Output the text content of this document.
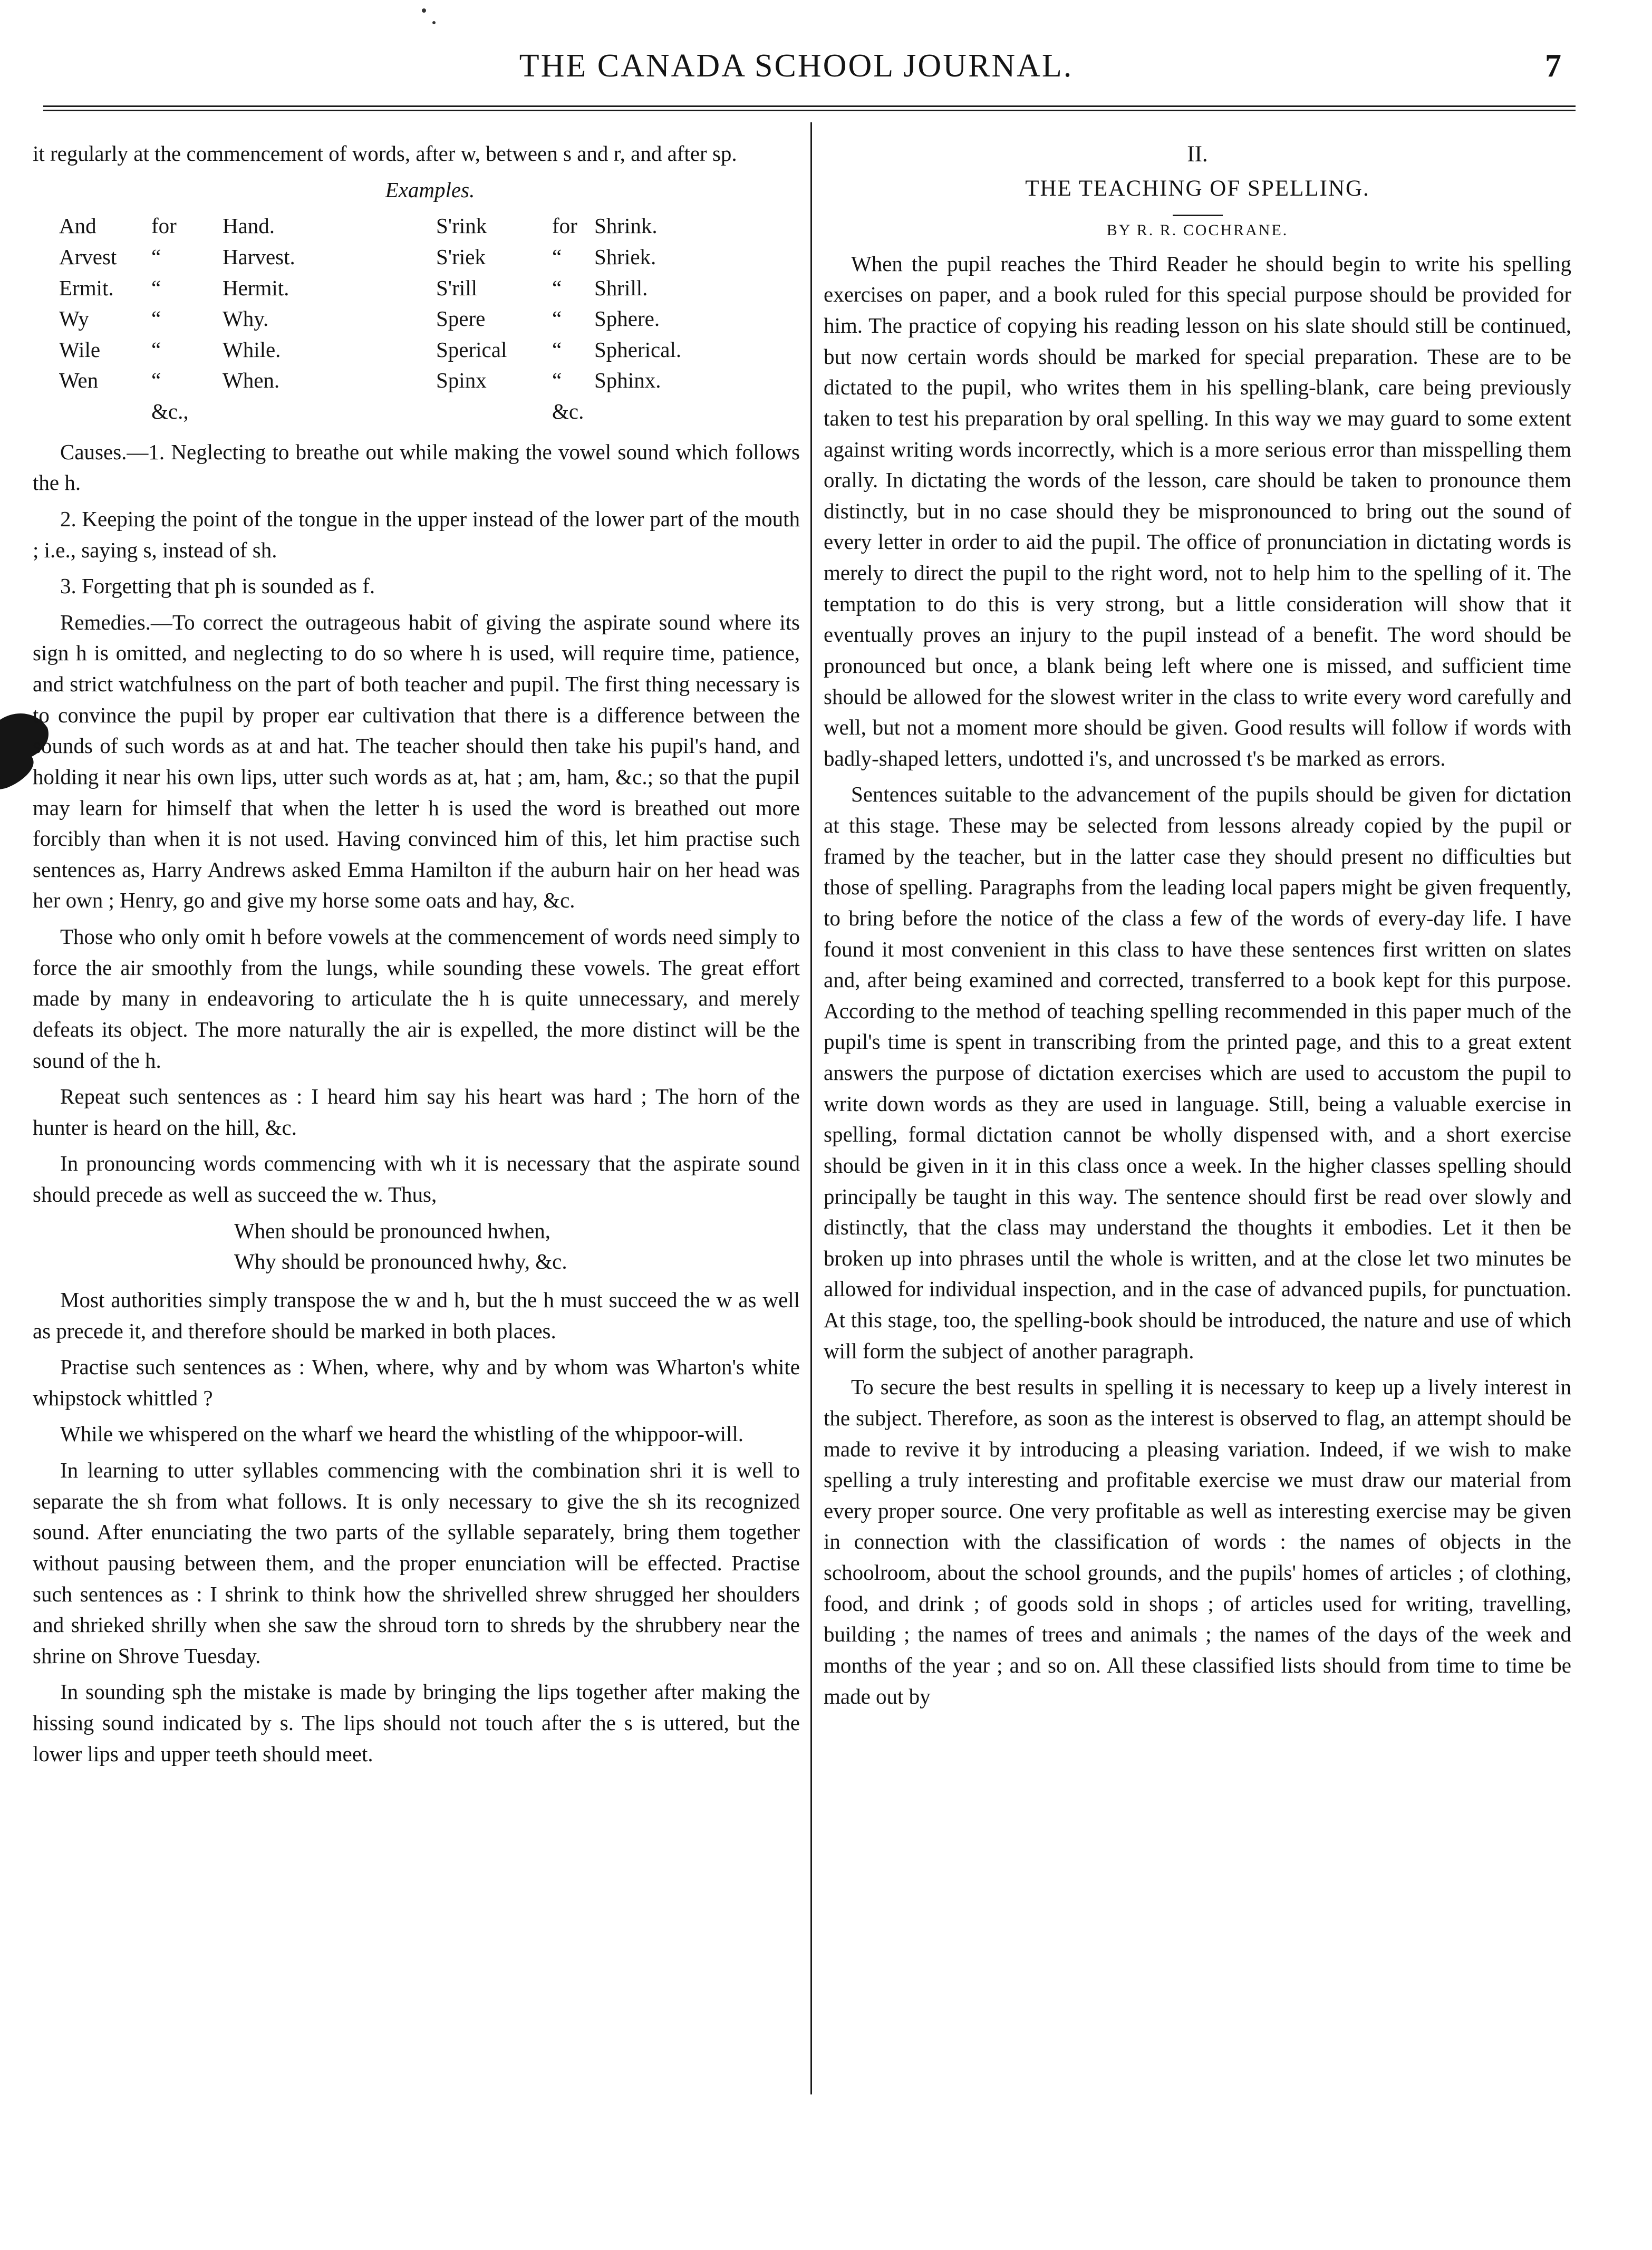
THE CANADA SCHOOL JOURNAL.	7

it regularly at the commencement of words, after w, between s and r, and after sp.

Examples.

	And	for	Hand.	S'rink	for	Shrink.
	Arvest	“	Harvest.	S'riek	“	Shriek.
	Ermit.	“	Hermit.	S'rill	“	Shrill.
	Wy	“	Why.	Spere	“	Sphere.
	Wile	“	While.	Sperical	“	Spherical.
	Wen	“	When.	Spinx	“	Sphinx.
		&c.,			&c.	

Causes.—1. Neglecting to breathe out while making the vowel sound which follows the h.

2. Keeping the point of the tongue in the upper instead of the lower part of the mouth ; i.e., saying s, instead of sh.

3. Forgetting that ph is sounded as f.

Remedies.—To correct the outrageous habit of giving the aspirate sound where its sign h is omitted, and neglecting to do so where h is used, will require time, patience, and strict watchfulness on the part of both teacher and pupil. The first thing necessary is to convince the pupil by proper ear cultivation that there is a difference between the sounds of such words as at and hat. The teacher should then take his pupil's hand, and holding it near his own lips, utter such words as at, hat ; am, ham, &c.; so that the pupil may learn for himself that when the letter h is used the word is breathed out more forcibly than when it is not used. Having convinced him of this, let him practise such sentences as, Harry Andrews asked Emma Hamilton if the auburn hair on her head was her own ; Henry, go and give my horse some oats and hay, &c.

Those who only omit h before vowels at the commencement of words need simply to force the air smoothly from the lungs, while sounding these vowels. The great effort made by many in endeavoring to articulate the h is quite unnecessary, and merely defeats its object. The more naturally the air is expelled, the more distinct will be the sound of the h.

Repeat such sentences as : I heard him say his heart was hard ; The horn of the hunter is heard on the hill, &c.

In pronouncing words commencing with wh it is necessary that the aspirate sound should precede as well as succeed the w. Thus,

When should be pronounced hwhen,
Why should be pronounced hwhy, &c.

Most authorities simply transpose the w and h, but the h must succeed the w as well as precede it, and therefore should be marked in both places.

Practise such sentences as : When, where, why and by whom was Wharton's white whipstock whittled ?

While we whispered on the wharf we heard the whistling of the whippoor-will.

In learning to utter syllables commencing with the combination shri it is well to separate the sh from what follows. It is only necessary to give the sh its recognized sound. After enunciating the two parts of the syllable separately, bring them together without pausing between them, and the proper enunciation will be effected. Practise such sentences as : I shrink to think how the shrivelled shrew shrugged her shoulders and shrieked shrilly when she saw the shroud torn to shreds by the shrubbery near the shrine on Shrove Tuesday.

In sounding sph the mistake is made by bringing the lips together after making the hissing sound indicated by s. The lips should not touch after the s is uttered, but the lower lips and upper teeth should meet.

II.
THE TEACHING OF SPELLING.
BY R. R. COCHRANE.

When the pupil reaches the Third Reader he should begin to write his spelling exercises on paper, and a book ruled for this special purpose should be provided for him. The practice of copying his reading lesson on his slate should still be continued, but now certain words should be marked for special preparation. These are to be dictated to the pupil, who writes them in his spelling-blank, care being previously taken to test his preparation by oral spelling. In this way we may guard to some extent against writing words incorrectly, which is a more serious error than misspelling them orally. In dictating the words of the lesson, care should be taken to pronounce them distinctly, but in no case should they be mispronounced to bring out the sound of every letter in order to aid the pupil. The office of pronunciation in dictating words is merely to direct the pupil to the right word, not to help him to the spelling of it. The temptation to do this is very strong, but a little consideration will show that it eventually proves an injury to the pupil instead of a benefit. The word should be pronounced but once, a blank being left where one is missed, and sufficient time should be allowed for the slowest writer in the class to write every word carefully and well, but not a moment more should be given. Good results will follow if words with badly-shaped letters, undotted i's, and uncrossed t's be marked as errors.

Sentences suitable to the advancement of the pupils should be given for dictation at this stage. These may be selected from lessons already copied by the pupil or framed by the teacher, but in the latter case they should present no difficulties but those of spelling. Paragraphs from the leading local papers might be given frequently, to bring before the notice of the class a few of the words of every-day life. I have found it most convenient in this class to have these sentences first written on slates and, after being examined and corrected, transferred to a book kept for this purpose. According to the method of teaching spelling recommended in this paper much of the pupil's time is spent in transcribing from the printed page, and this to a great extent answers the purpose of dictation exercises which are used to accustom the pupil to write down words as they are used in language. Still, being a valuable exercise in spelling, formal dictation cannot be wholly dispensed with, and a short exercise should be given in it in this class once a week. In the higher classes spelling should principally be taught in this way. The sentence should first be read over slowly and distinctly, that the class may understand the thoughts it embodies. Let it then be broken up into phrases until the whole is written, and at the close let two minutes be allowed for individual inspection, and in the case of advanced pupils, for punctuation. At this stage, too, the spelling-book should be introduced, the nature and use of which will form the subject of another paragraph.

To secure the best results in spelling it is necessary to keep up a lively interest in the subject. Therefore, as soon as the interest is observed to flag, an attempt should be made to revive it by introducing a pleasing variation. Indeed, if we wish to make spelling a truly interesting and profitable exercise we must draw our material from every proper source. One very profitable as well as interesting exercise may be given in connection with the classification of words : the names of objects in the schoolroom, about the school grounds, and the pupils' homes of articles ; of clothing, food, and drink ; of goods sold in shops ; of articles used for writing, travelling, building ; the names of trees and animals ; the names of the days of the week and months of the year ; and so on. All these classified lists should from time to time be made out by
